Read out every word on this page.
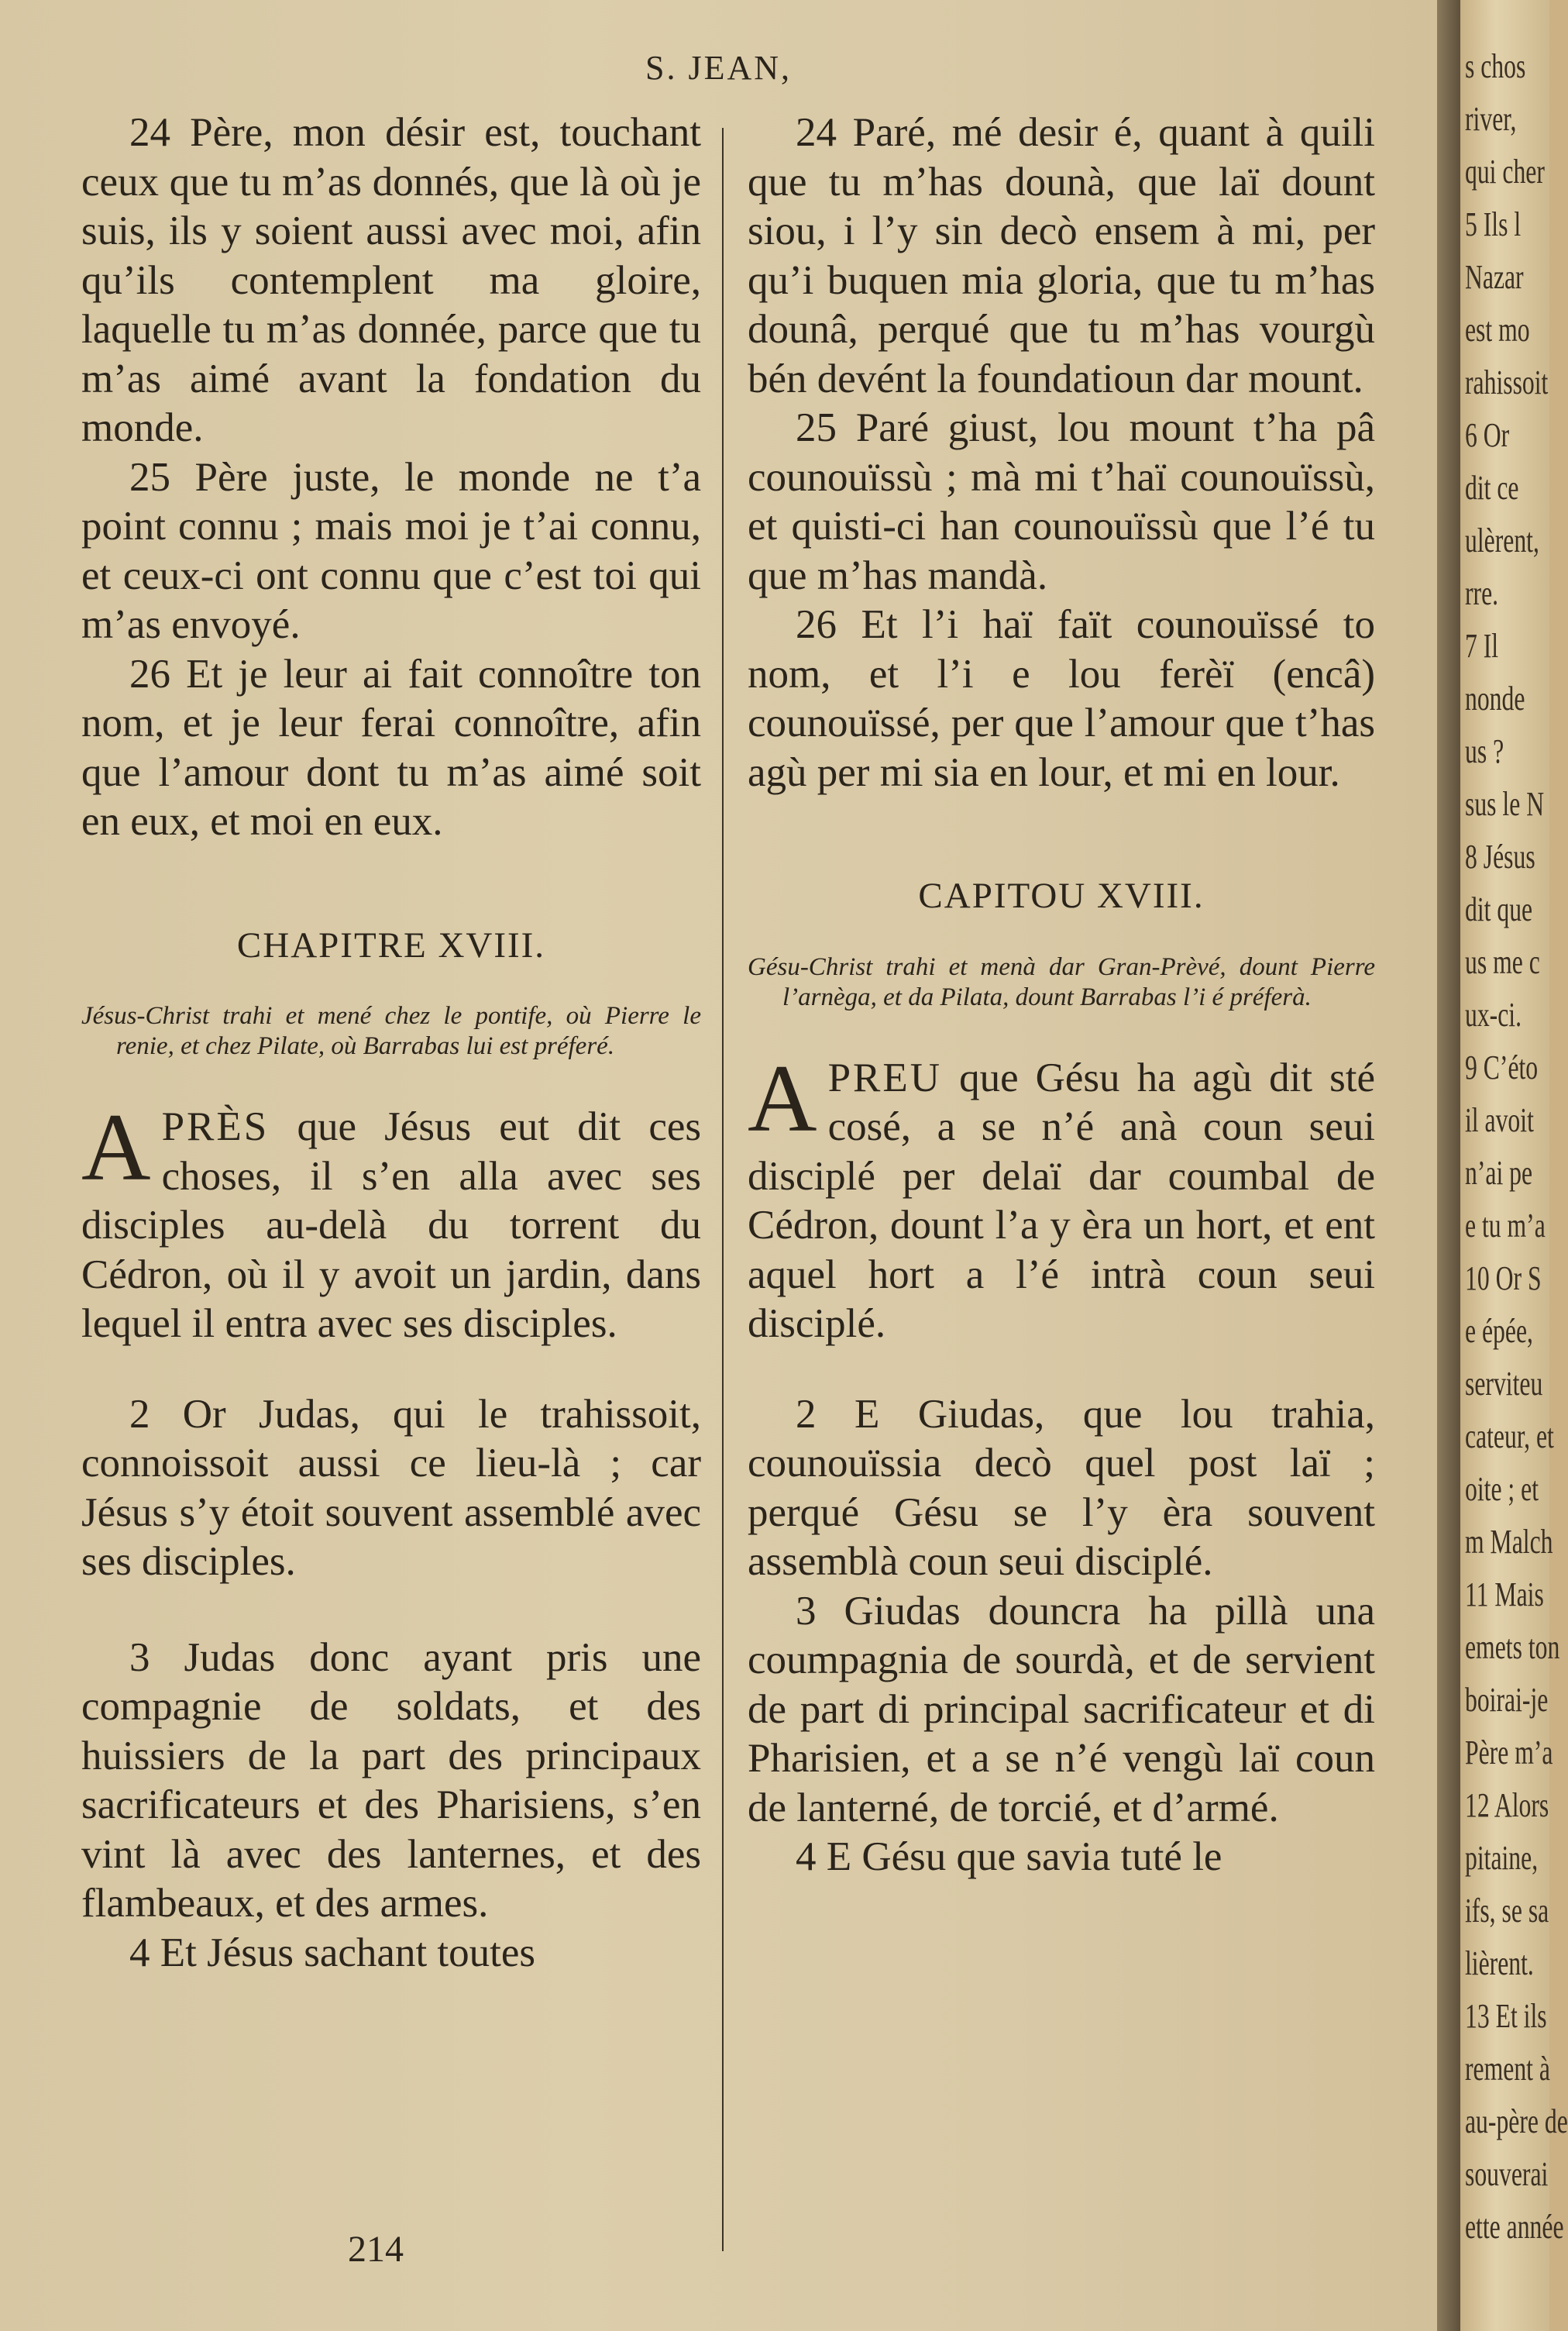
S. JEAN,

24 Père, mon désir est, touchant ceux que tu m’as donnés, que là où je suis, ils y soient aussi avec moi, afin qu’ils contemplent ma gloire, laquelle tu m’as donnée, parce que tu m’as aimé avant la fondation du monde.

25 Père juste, le monde ne t’a point connu ; mais moi je t’ai connu, et ceux-ci ont connu que c’est toi qui m’as envoyé.

26 Et je leur ai fait connoître ton nom, et je leur ferai connoître, afin que l’amour dont tu m’as aimé soit en eux, et moi en eux.

CHAPITRE XVIII.
Jésus-Christ trahi et mené chez le pontife, où Pierre le renie, et chez Pilate, où Barrabas lui est préferé.

APRÈS que Jésus eut dit ces choses, il s’en alla avec ses disciples au-delà du torrent du Cédron, où il y avoit un jardin, dans lequel il entra avec ses disciples.

2 Or Judas, qui le trahissoit, connoissoit aussi ce lieu-là ; car Jésus s’y étoit souvent assemblé avec ses disciples.

3 Judas donc ayant pris une compagnie de soldats, et des huissiers de la part des principaux sacrificateurs et des Pharisiens, s’en vint là avec des lanternes, et des flambeaux, et des armes.

4 Et Jésus sachant toutes

24 Paré, mé desir é, quant à quili que tu m’has dounà, que laï dount siou, i l’y sin decò ensem à mi, per qu’i buquen mia gloria, que tu m’has dounâ, perqué que tu m’has vourgù bén devént la foundatioun dar mount.

25 Paré giust, lou mount t’ha pâ counouïssù ; mà mi t’haï counouïssù, et quisti-ci han counouïssù que l’é tu que m’has mandà.

26 Et l’i haï faït counouïssé to nom, et l’i e lou ferèï (encâ) counouïssé, per que l’amour que t’has agù per mi sia en lour, et mi en lour.

CAPITOU XVIII.
Gésu-Christ trahi et menà dar Gran-Prèvé, dount Pierre l’arnèga, et da Pilata, dount Barrabas l’i é préferà.

APREU que Gésu ha agù dit sté cosé, a se n’é anà coun seui disciplé per delaï dar coumbal de Cédron, dount l’a y èra un hort, et ent aquel hort a l’é intrà coun seui disciplé.

2 E Giudas, que lou trahia, counouïssia decò quel post laï ; perqué Gésu se l’y èra souvent assemblà coun seui disciplé.

3 Giudas douncra ha pillà una coumpagnia de sourdà, et de servient de part di principal sacrificateur et di Pharisien, et a se n’é vengù laï coun de lanterné, de torcié, et d’armé.

4 E Gésu que savia tuté le

214
s chos
river,
qui cher
5 Ils l
Nazar
est mo
rahissoit
6 Or
dit ce
ulèrent,
rre.
7 Il
nonde
us ?
sus le N
8 Jésus
dit que
us me c
ux-ci.
9 C’éto
il avoit
n’ai pe
e tu m’a
10 Or S
e épée,
serviteu
cateur, et
oite ; et
m Malch
11 Mais
emets ton
boirai-je
Père m’a
12 Alors
pitaine,
ifs, se sa
lièrent.
13 Et ils
rement à
au-père de
souverai
ette année
